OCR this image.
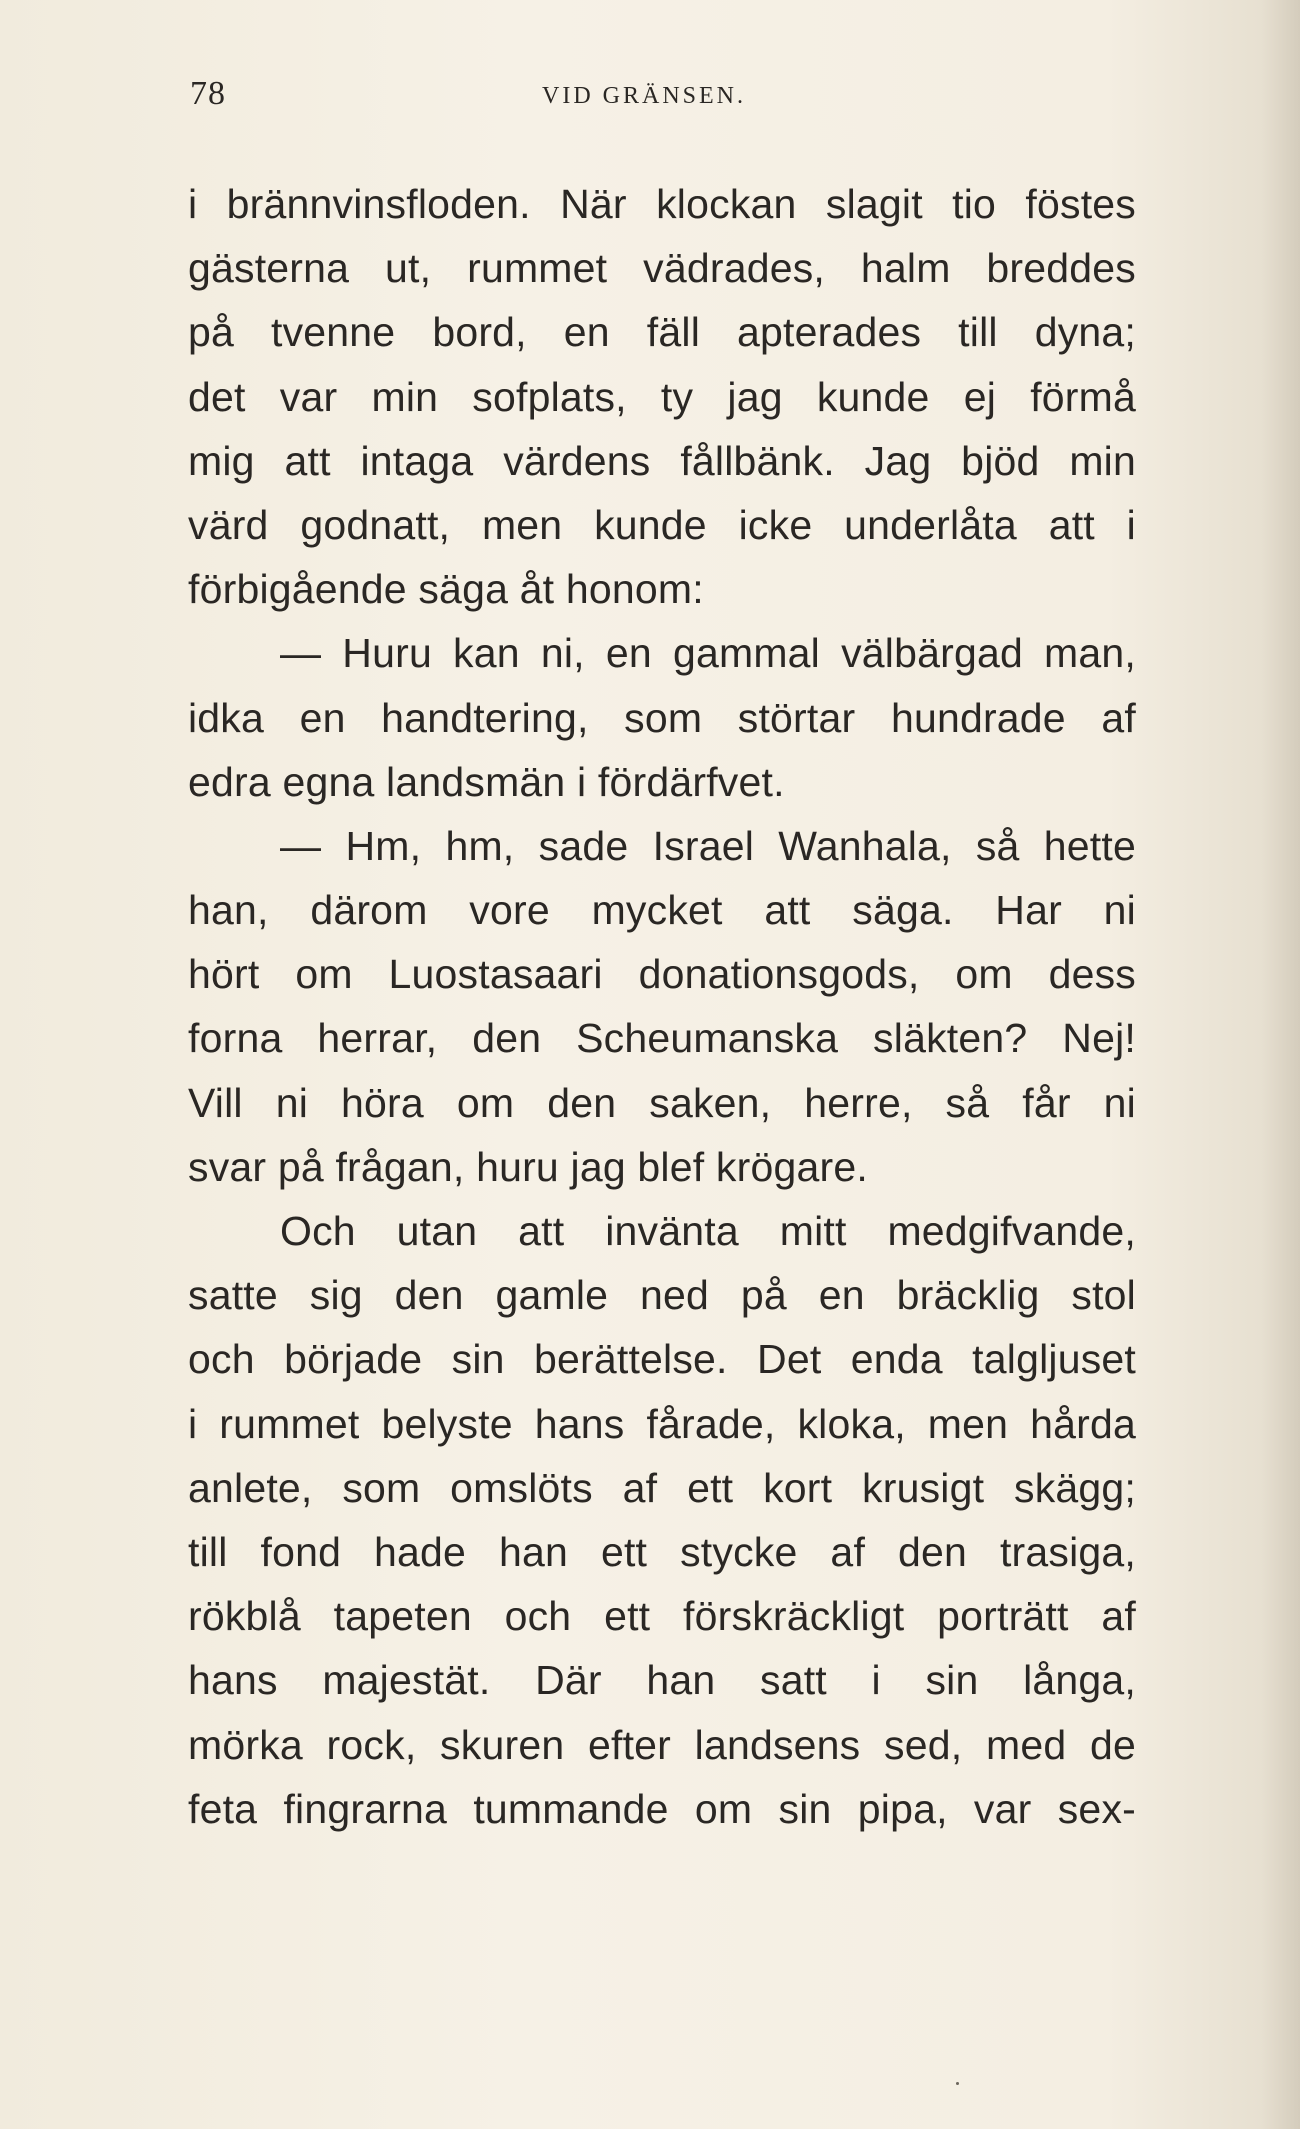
78	VID GRÄNSEN.
i brännvinsfloden. När klockan slagit tio föstes
gästerna ut, rummet vädrades, halm breddes
på tvenne bord, en fäll apterades till dyna;
det var min sofplats, ty jag kunde ej förmå
mig att intaga värdens fållbänk. Jag bjöd min
värd godnatt, men kunde icke underlåta att i
förbigående säga åt honom:
— Huru kan ni, en gammal välbärgad man,
idka en handtering, som störtar hundrade af
edra egna landsmän i fördärfvet.
— Hm, hm, sade Israel Wanhala, så hette
han, därom vore mycket att säga. Har ni
hört om Luostasaari donationsgods, om dess
forna herrar, den Scheumanska släkten? Nej!
Vill ni höra om den saken, herre, så får ni
svar på frågan, huru jag blef krögare.
Och utan att invänta mitt medgifvande,
satte sig den gamle ned på en bräcklig stol
och började sin berättelse. Det enda talgljuset
i rummet belyste hans fårade, kloka, men hårda
anlete, som omslöts af ett kort krusigt skägg;
till fond hade han ett stycke af den trasiga,
rökblå tapeten och ett förskräckligt porträtt af
hans majestät. Där han satt i sin långa,
mörka rock, skuren efter landsens sed, med de
feta fingrarna tummande om sin pipa, var sex-
